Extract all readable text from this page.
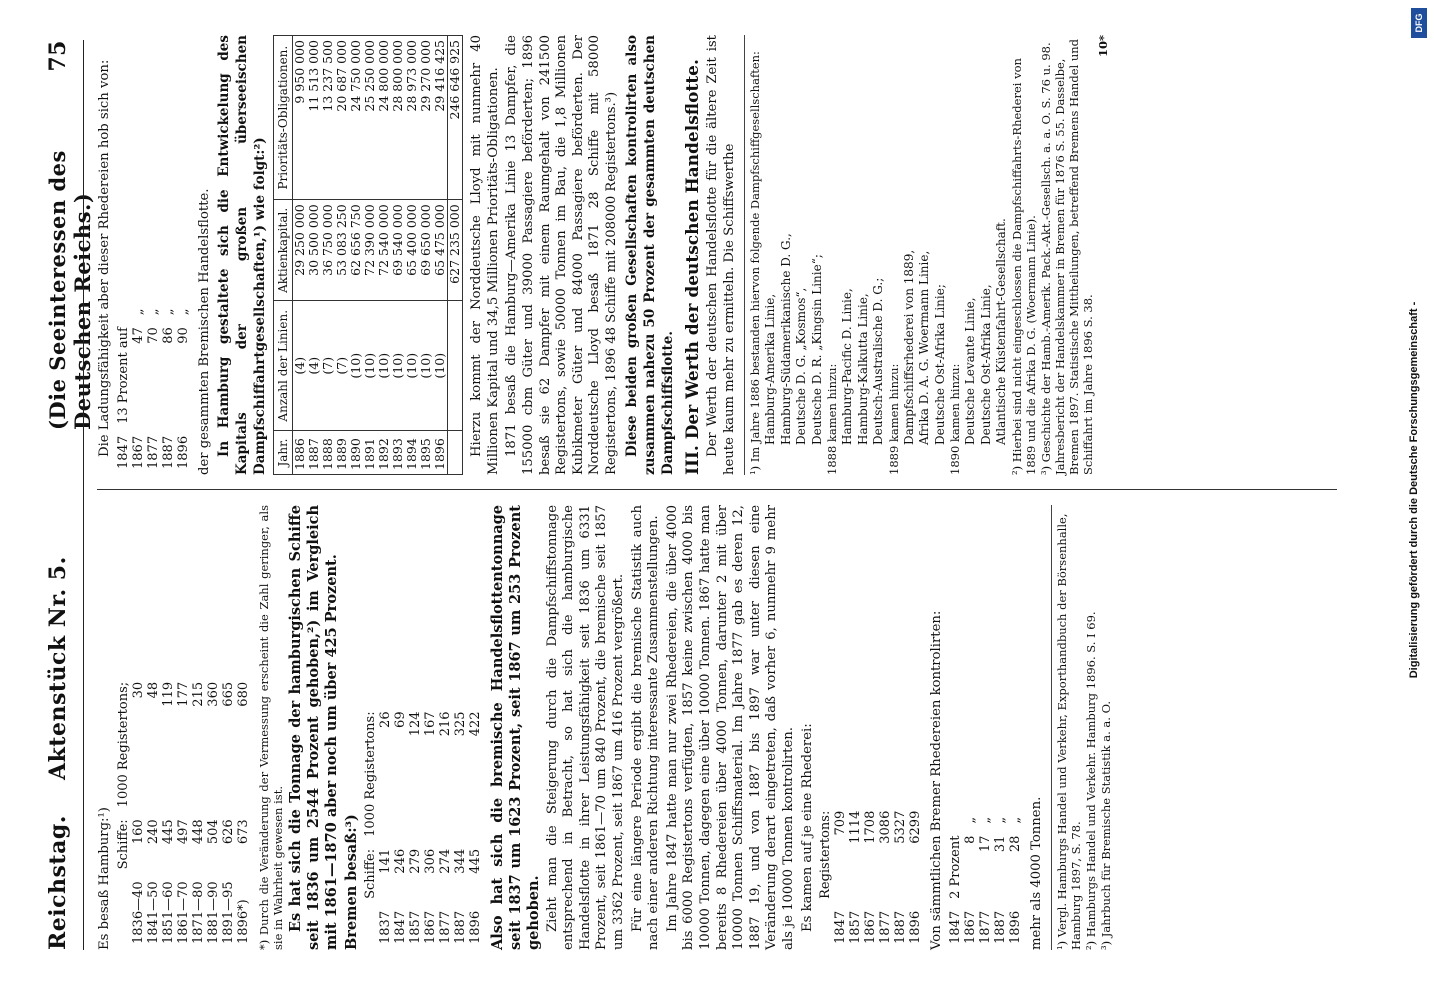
Reichstag.
Aktenstück Nr. 5.
(Die Seeinteressen des Deutschen Reichs.)
75

Es besaß Hamburg:¹)

	Schiffe:	1000 Registertons;
1836—40	160	30
1841—50	240	48
1851—60	445	119
1861—70	497	177
1871—80	448	215
1881—90	504	360
1891—95	626	665
1896*)	673	680 *) Durch die Veränderung der Vermessung erscheint die Zahl geringer, als sie in Wahrheit gewesen ist. Es hat sich die Tonnage der hamburgischen Schiffe seit 1836 um 2544 Prozent gehoben,²) im Vergleich mit 1861—1870 aber noch um über 425 Prozent. Bremen besaß:³)

	Schiffe:	1000 Registertons:
1837	141	26
1847	246	69
1857	279	124
1867	306	167
1877	274	216
1887	344	325
1896	445	422 Also hat sich die bremische Handelsflottentonnage seit 1837 um 1623 Prozent, seit 1867 um 253 Prozent gehoben. Zieht man die Steigerung durch die Dampfschiffstonnage entsprechend in Betracht, so hat sich die hamburgische Handelsflotte in ihrer Leistungsfähigkeit seit 1836 um 6331 Prozent, seit 1861—70 um 840 Prozent, die bremische seit 1857 um 3362 Prozent, seit 1867 um 416 Prozent vergrößert. Für eine längere Periode ergibt die bremische Statistik auch nach einer anderen Richtung interessante Zusammenstellungen. Im Jahre 1847 hatte man nur zwei Rhedereien, die über 4000 bis 6000 Registertons verfügten, 1857 keine zwischen 4000 bis 10000 Tonnen, dagegen eine über 10000 Tonnen. 1867 hatte man bereits 8 Rhedereien über 4000 Tonnen, darunter 2 mit über 10000 Tonnen Schiffsmaterial. Im Jahre 1877 gab es deren 12, 1887 19, und von 1887 bis 1897 war unter diesen eine Veränderung derart eingetreten, daß vorher 6, nunmehr 9 mehr als je 10000 Tonnen kontrolirten. Es kamen auf je eine Rhederei:

	Registertons:
1847	709
1857	1114
1867	1708
1877	3086
1887	5327
1896	6299 Von sämmtlichen Bremer Rhedereien kontrolirten: 1847	2 Prozent	
1867	8	„
1877	17	„
1887	31	„
1896	28	„ mehr als 4000 Tonnen. ¹) Vergl. Hamburgs Handel und Verkehr, Exporthandbuch der Börsenhalle, Hamburg 1897, S. 78. ²) Hamburgs Handel und Verkehr. Hamburg 1896. S. I 69. ³) Jahrbuch für Bremische Statistik a. a. O.

Die Ladungsfähigkeit aber dieser Rhedereien hob sich von: 1847	13 Prozent auf	
1867	47	„
1877	70	„
1887	86	„
1896	90	„ der gesammten Bremischen Handelsflotte. In Hamburg gestaltete sich die Entwickelung des Kapitals der großen überseeischen Dampfschiffahrtgesellschaften,¹) wie folgt:²) Jahr.	Anzahl der Linien.	Aktienkapital.	Prioritäts-Obligationen.
1886	(4)	29 250 000	9 950 000
1887	(4)	30 500 000	11 513 000
1888	(7)	36 750 000	13 237 500
1889	(7)	53 083 250	20 687 000
1890	(10)	62 656 750	24 750 000
1891	(10)	72 390 000	25 250 000
1892	(10)	72 540 000	24 800 000
1893	(10)	69 540 000	28 800 000
1894	(10)	65 400 000	28 973 000
1895	(10)	69 650 000	29 270 000
1896	(10)	65 475 000	29 416 425
		627 235 000	246 646 925 Hierzu kommt der Norddeutsche Lloyd mit nunmehr 40 Millionen Kapital und 34,5 Millionen Prioritäts-Obligationen. 1871 besaß die Hamburg—Amerika Linie 13 Dampfer, die 155000 cbm Güter und 39000 Passagiere beförderten; 1896 besaß sie 62 Dampfer mit einem Raumgehalt von 241500 Registertons, sowie 50000 Tonnen im Bau, die 1,8 Millionen Kubikmeter Güter und 84000 Passagiere beförderten. Der Norddeutsche Lloyd besaß 1871 28 Schiffe mit 58000 Registertons, 1896 48 Schiffe mit 208000 Registertons.³) Diese beiden großen Gesellschaften kontrolirten also zusammen nahezu 50 Prozent der gesammten deutschen Dampfschiffsflotte. III. Der Werth der deutschen Handelsflotte. Der Werth der deutschen Handelsflotte für die ältere Zeit ist heute kaum mehr zu ermitteln. Die Schiffswerthe ¹) Im Jahre 1886 bestanden hiervon folgende Dampfschiffgesellschaften: Hamburg-Amerika Linie, Hamburg-Südamerikanische D. G., Deutsche D. G. „Kosmos“, Deutsche D. R. „Kingsin Linie“; 1888 kamen hinzu: Hamburg-Pacific D. Linie, Hamburg-Kalkutta Linie, Deutsch-Australische D. G.; 1889 kamen hinzu: Dampfschiffsrhederei von 1889, Afrika D. A. G. Woermann Linie, Deutsche Ost-Afrika Linie; 1890 kamen hinzu: Deutsche Levante Linie, Deutsche Ost-Afrika Linie, Atlantische Küstenfahrt-Gesellschaft. ²) Hierbei sind nicht eingeschlossen die Dampfschiffahrts-Rhederei von 1889 und die Afrika D. G. (Woermann Linie). ³) Geschichte der Hamb.-Amerik. Pack.-Akt.-Gesellsch. a. a. O. S. 76 u. 98. Jahresbericht der Handelskammer in Bremen für 1876 S. 55. Dasselbe, Bremen 1897. Statistische Mittheilungen, betreffend Bremens Handel und Schiffahrt im Jahre 1896 S. 38.
10*
Digitalisierung gefördert durch die Deutsche Forschungsgemeinschaft -
DFG
